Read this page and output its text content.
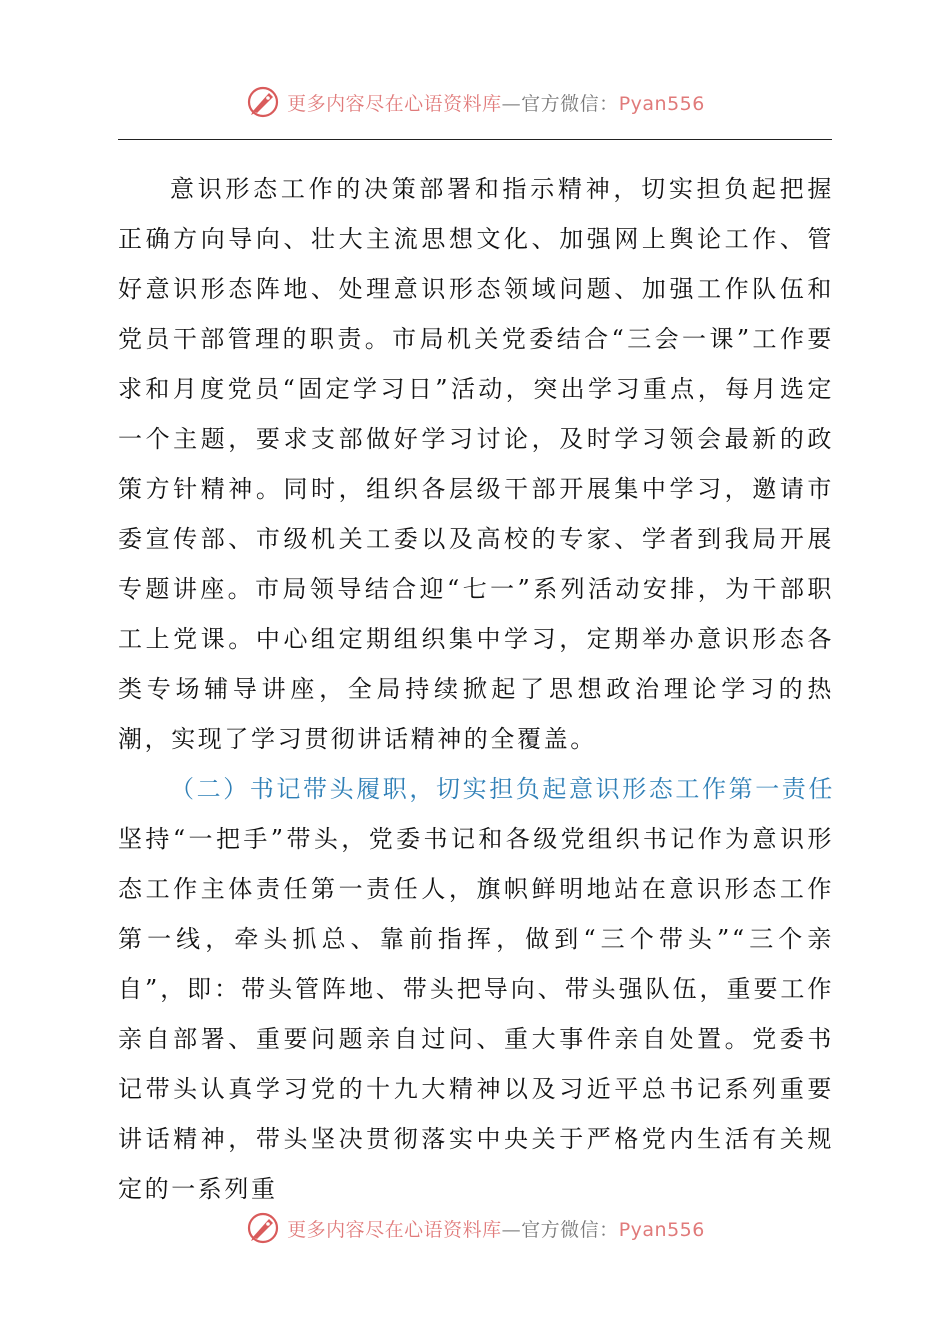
更多内容尽在心语资料库—官方微信：Pyan556

意识形态工作的决策部署和指示精神，切实担负起把握正确方向导向、壮大主流思想文化、加强网上舆论工作、管好意识形态阵地、处理意识形态领域问题、加强工作队伍和党员干部管理的职责。市局机关党委结合“三会一课”工作要求和月度党员“固定学习日”活动，突出学习重点，每月选定一个主题，要求支部做好学习讨论，及时学习领会最新的政策方针精神。同时，组织各层级干部开展集中学习，邀请市委宣传部、市级机关工委以及高校的专家、学者到我局开展专题讲座。市局领导结合迎“七一”系列活动安排，为干部职工上党课。中心组定期组织集中学习，定期举办意识形态各类专场辅导讲座，全局持续掀起了思想政治理论学习的热潮，实现了学习贯彻讲话精神的全覆盖。

（二）书记带头履职，切实担负起意识形态工作第一责任

坚持“一把手”带头，党委书记和各级党组织书记作为意识形态工作主体责任第一责任人，旗帜鲜明地站在意识形态工作第一线，牵头抓总、靠前指挥，做到“三个带头”“三个亲自”，即：带头管阵地、带头把导向、带头强队伍，重要工作亲自部署、重要问题亲自过问、重大事件亲自处置。党委书记带头认真学习党的十九大精神以及习近平总书记系列重要讲话精神，带头坚决贯彻落实中央关于严格党内生活有关规定的一系列重

更多内容尽在心语资料库—官方微信：Pyan556
